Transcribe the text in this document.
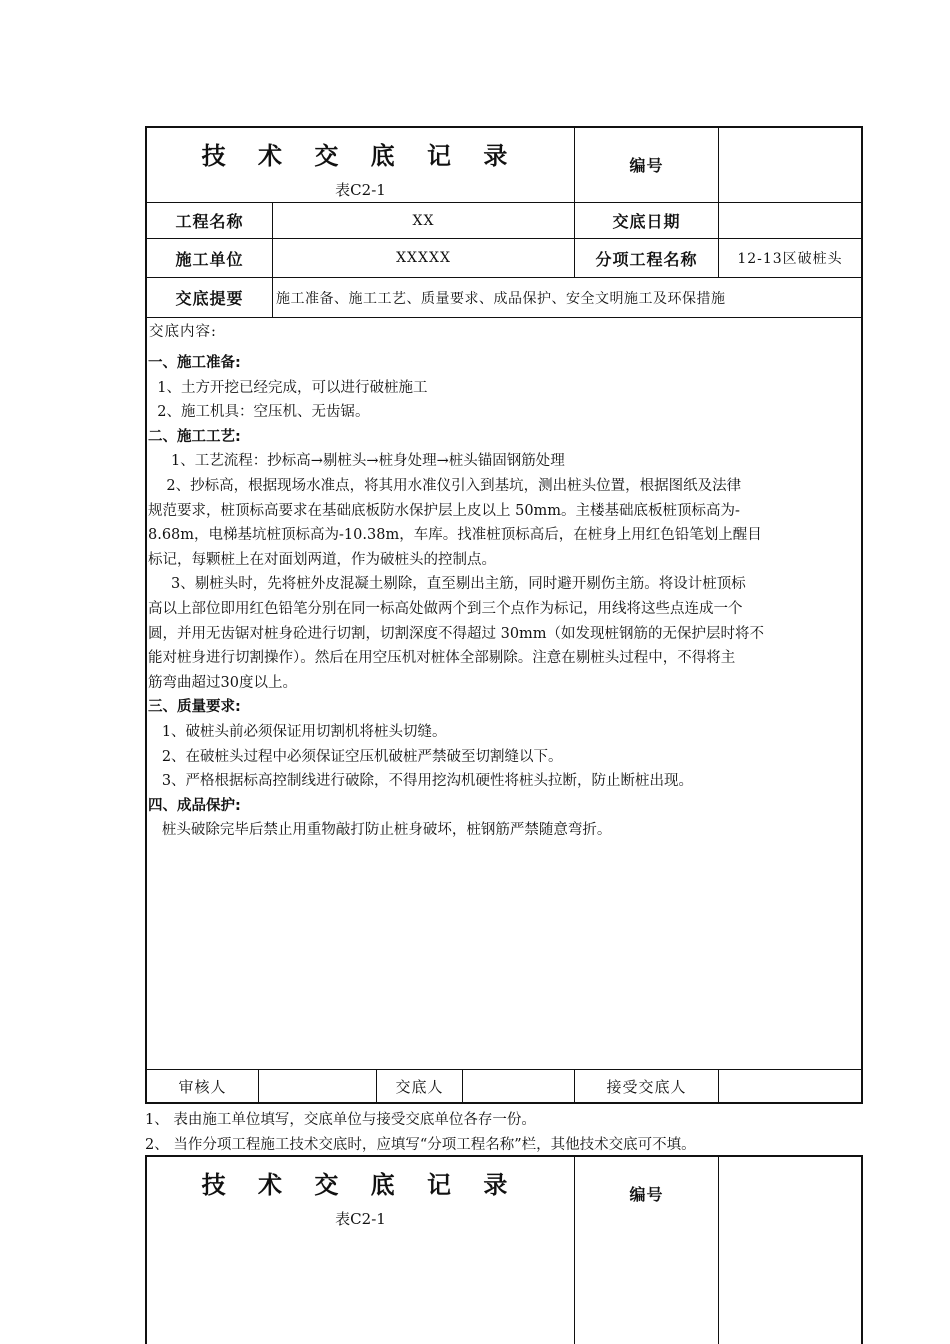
技 术 交 底 记 录
表C2-1
编号
工程名称	XX	交底日期
施工单位	XXXXX	分项工程名称	12-13区破桩头
交底提要	施工准备、施工工艺、质量要求、成品保护、安全文明施工及环保措施
交底内容:
一、施工准备:
1、土方开挖已经完成，可以进行破桩施工
2、施工机具：空压机、无齿锯。
二、施工工艺:
1、工艺流程：抄标高→剔桩头→桩身处理→桩头锚固钢筋处理
2、抄标高，根据现场水准点，将其用水准仪引入到基坑，测出桩头位置，根据图纸及法律
规范要求，桩顶标高要求在基础底板防水保护层上皮以上 50mm。主楼基础底板桩顶标高为-
8.68m，电梯基坑桩顶标高为-10.38m，车库。找准桩顶标高后，在桩身上用红色铅笔划上醒目
标记，每颗桩上在对面划两道，作为破桩头的控制点。
3、剔桩头时，先将桩外皮混凝土剔除，直至剔出主筋，同时避开剔伤主筋。将设计桩顶标
高以上部位即用红色铅笔分别在同一标高处做两个到三个点作为标记，用线将这些点连成一个
圆，并用无齿锯对桩身砼进行切割，切割深度不得超过 30mm（如发现桩钢筋的无保护层时将不
能对桩身进行切割操作）。然后在用空压机对桩体全部剔除。注意在剔桩头过程中，不得将主
筋弯曲超过30度以上。
三、质量要求:
1、破桩头前必须保证用切割机将桩头切缝。
2、在破桩头过程中必须保证空压机破桩严禁破至切割缝以下。
3、严格根据标高控制线进行破除，不得用挖沟机硬性将桩头拉断，防止断桩出现。
四、成品保护:
桩头破除完毕后禁止用重物敲打防止桩身破坏，桩钢筋严禁随意弯折。
审核人	交底人	接受交底人
1、 表由施工单位填写，交底单位与接受交底单位各存一份。
2、 当作分项工程施工技术交底时，应填写“分项工程名称”栏，其他技术交底可不填。
技 术 交 底 记 录
表C2-1
编号
